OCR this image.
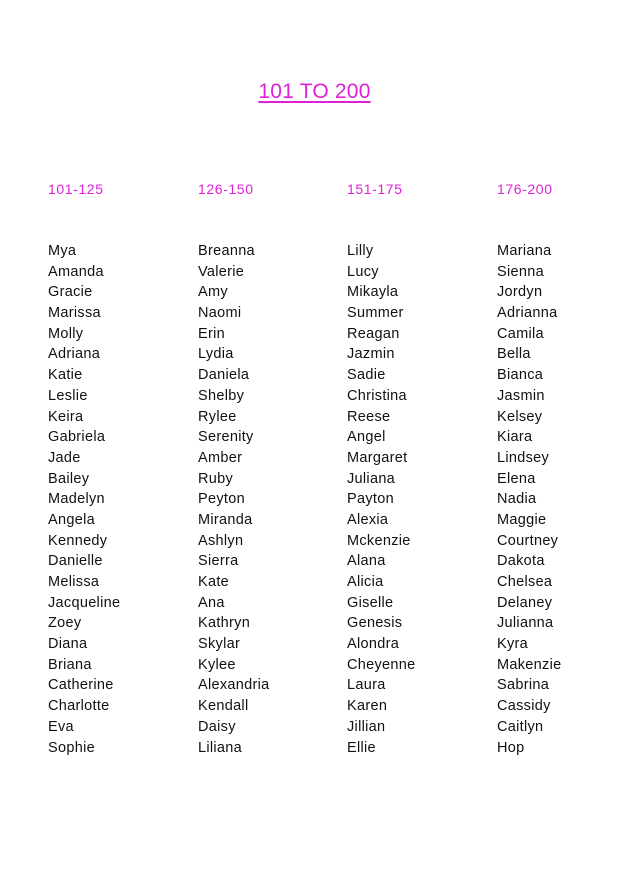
101 TO 200
101-125
Mya
Amanda
Gracie
Marissa
Molly
Adriana
Katie
Leslie
Keira
Gabriela
Jade
Bailey
Madelyn
Angela
Kennedy
Danielle
Melissa
Jacqueline
Zoey
Diana
Briana
Catherine
Charlotte
Eva
Sophie
126-150
Breanna
Valerie
Amy
Naomi
Erin
Lydia
Daniela
Shelby
Rylee
Serenity
Amber
Ruby
Peyton
Miranda
Ashlyn
Sierra
Kate
Ana
Kathryn
Skylar
Kylee
Alexandria
Kendall
Daisy
Liliana
151-175
Lilly
Lucy
Mikayla
Summer
Reagan
Jazmin
Sadie
Christina
Reese
Angel
Margaret
Juliana
Payton
Alexia
Mckenzie
Alana
Alicia
Giselle
Genesis
Alondra
Cheyenne
Laura
Karen
Jillian
Ellie
176-200
Mariana
Sienna
Jordyn
Adrianna
Camila
Bella
Bianca
Jasmin
Kelsey
Kiara
Lindsey
Elena
Nadia
Maggie
Courtney
Dakota
Chelsea
Delaney
Julianna
Kyra
Makenzie
Sabrina
Cassidy
Caitlyn
Hop
